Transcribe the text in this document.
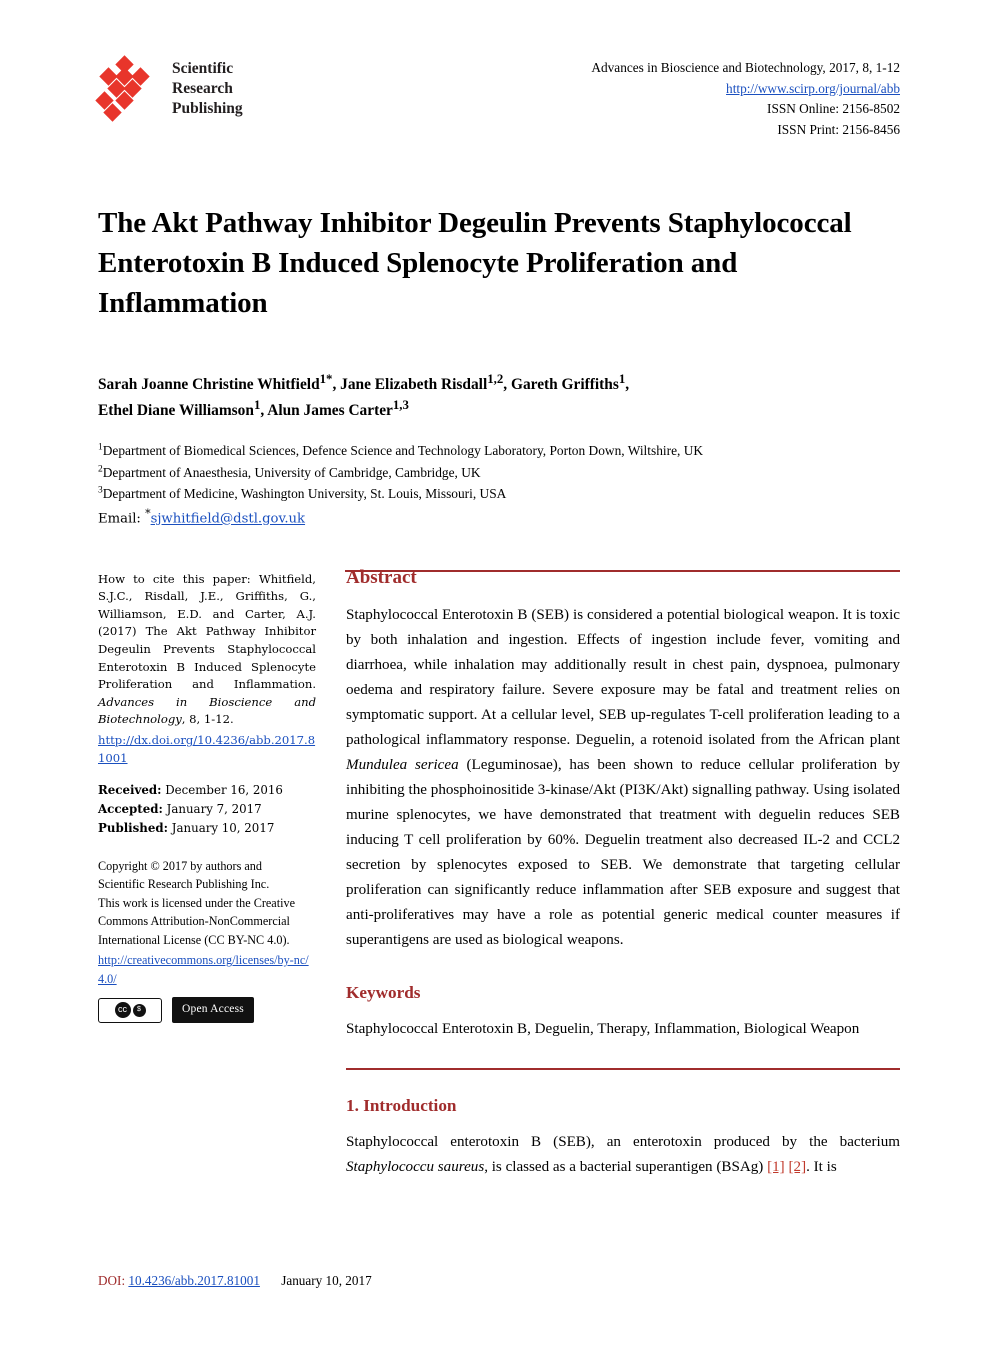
Scientific
Research
Publishing
Advances in Bioscience and Biotechnology, 2017, 8, 1-12
http://www.scirp.org/journal/abb
ISSN Online: 2156-8502
ISSN Print: 2156-8456
The Akt Pathway Inhibitor Degeulin Prevents Staphylococcal Enterotoxin B Induced Splenocyte Proliferation and Inflammation
Sarah Joanne Christine Whitfield$^{1*}$, Jane Elizabeth Risdall$^{1,2}$, Gareth Griffiths$^1$,
Ethel Diane Williamson$^1$, Alun James Carter$^{1,3}$
$^1$Department of Biomedical Sciences, Defence Science and Technology Laboratory, Porton Down, Wiltshire, UK
$^2$Department of Anaesthesia, University of Cambridge, Cambridge, UK
$^3$Department of Medicine, Washington University, St. Louis, Missouri, USA
Email: *sjwhitfield@dstl.gov.uk
How to cite this paper: Whitfield, S.J.C., Risdall, J.E., Griffiths, G., Williamson, E.D. and Carter, A.J. (2017) The Akt Pathway Inhibitor Degeulin Prevents Staphylococcal Enterotoxin B Induced Splenocyte Proliferation and Inflammation. Advances in Bioscience and Biotechnology, 8, 1-12.
http://dx.doi.org/10.4236/abb.2017.81001
Received: December 16, 2016
Accepted: January 7, 2017
Published: January 10, 2017
Copyright © 2017 by authors and
Scientific Research Publishing Inc.
This work is licensed under the Creative
Commons Attribution-NonCommercial
International License (CC BY-NC 4.0).
http://creativecommons.org/licenses/by-nc/4.0/
cc	$	Open Access
Abstract
Staphylococcal Enterotoxin B (SEB) is considered a potential biological weapon. It is toxic by both inhalation and ingestion. Effects of ingestion include fever, vomiting and diarrhoea, while inhalation may additionally result in chest pain, dyspnoea, pulmonary oedema and respiratory failure. Severe exposure may be fatal and treatment relies on symptomatic support. At a cellular level, SEB up-regulates T-cell proliferation leading to a pathological inflammatory response. Deguelin, a rotenoid isolated from the African plant Mundulea sericea (Leguminosae), has been shown to reduce cellular proliferation by inhibiting the phosphoinositide 3-kinase/Akt (PI3K/Akt) signalling pathway. Using isolated murine splenocytes, we have demonstrated that treatment with deguelin reduces SEB inducing T cell proliferation by 60%. Deguelin treatment also decreased IL-2 and CCL2 secretion by splenocytes exposed to SEB. We demonstrate that targeting cellular proliferation can significantly reduce inflammation after SEB exposure and suggest that anti-proliferatives may have a role as potential generic medical counter measures if superantigens are used as biological weapons.
Keywords
Staphylococcal Enterotoxin B, Deguelin, Therapy, Inflammation, Biological Weapon
1. Introduction
Staphylococcal enterotoxin B (SEB), an enterotoxin produced by the bacterium Staphylococcu saureus, is classed as a bacterial superantigen (BSAg) [1] [2]. It is
DOI: 10.4236/abb.2017.81001 January 10, 2017
